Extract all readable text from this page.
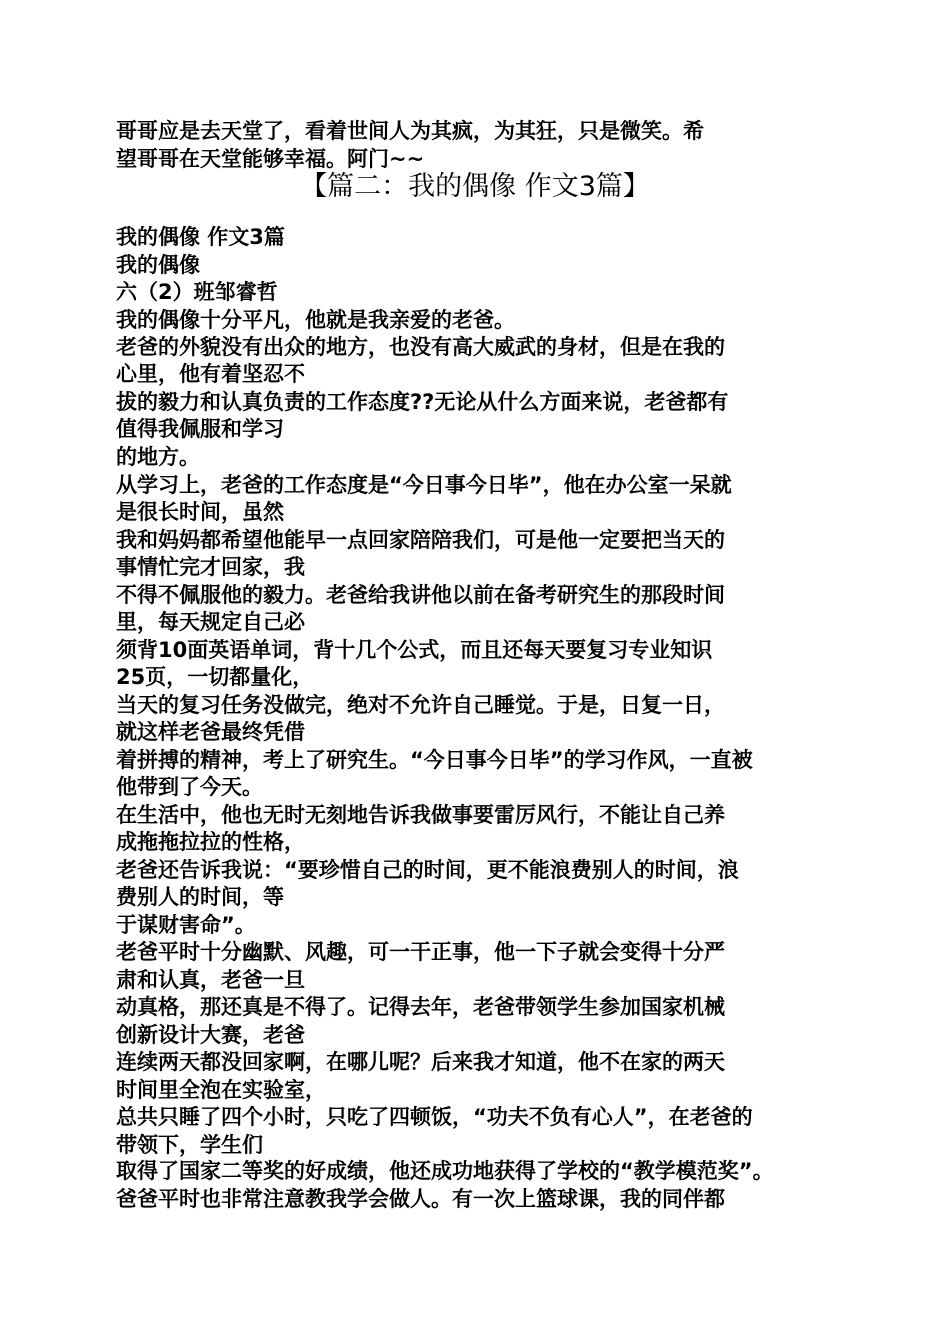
哥哥应是去天堂了，看着世间人为其疯，为其狂，只是微笑。希
望哥哥在天堂能够幸福。阿门~~
【篇二：我的偶像 作文3篇】
我的偶像 作文3篇
我的偶像
六（2）班邹睿哲
我的偶像十分平凡，他就是我亲爱的老爸。
老爸的外貌没有出众的地方，也没有高大威武的身材，但是在我的
心里，他有着坚忍不
拔的毅力和认真负责的工作态度??无论从什么方面来说，老爸都有
值得我佩服和学习
的地方。
从学习上，老爸的工作态度是“今日事今日毕”，他在办公室一呆就
是很长时间，虽然
我和妈妈都希望他能早一点回家陪陪我们，可是他一定要把当天的
事情忙完才回家，我
不得不佩服他的毅力。老爸给我讲他以前在备考研究生的那段时间
里，每天规定自己必
须背10面英语单词，背十几个公式，而且还每天要复习专业知识
25页，一切都量化，
当天的复习任务没做完，绝对不允许自己睡觉。于是，日复一日，
就这样老爸最终凭借
着拼搏的精神，考上了研究生。“今日事今日毕”的学习作风，一直被
他带到了今天。
在生活中，他也无时无刻地告诉我做事要雷厉风行，不能让自己养
成拖拖拉拉的性格，
老爸还告诉我说：“要珍惜自己的时间，更不能浪费别人的时间，浪
费别人的时间，等
于谋财害命”。
老爸平时十分幽默、风趣，可一干正事，他一下子就会变得十分严
肃和认真，老爸一旦
动真格，那还真是不得了。记得去年，老爸带领学生参加国家机械
创新设计大赛，老爸
连续两天都没回家啊，在哪儿呢？后来我才知道，他不在家的两天
时间里全泡在实验室，
总共只睡了四个小时，只吃了四顿饭，“功夫不负有心人”，在老爸的
带领下，学生们
取得了国家二等奖的好成绩，他还成功地获得了学校的“教学模范奖”。
爸爸平时也非常注意教我学会做人。有一次上篮球课，我的同伴都
